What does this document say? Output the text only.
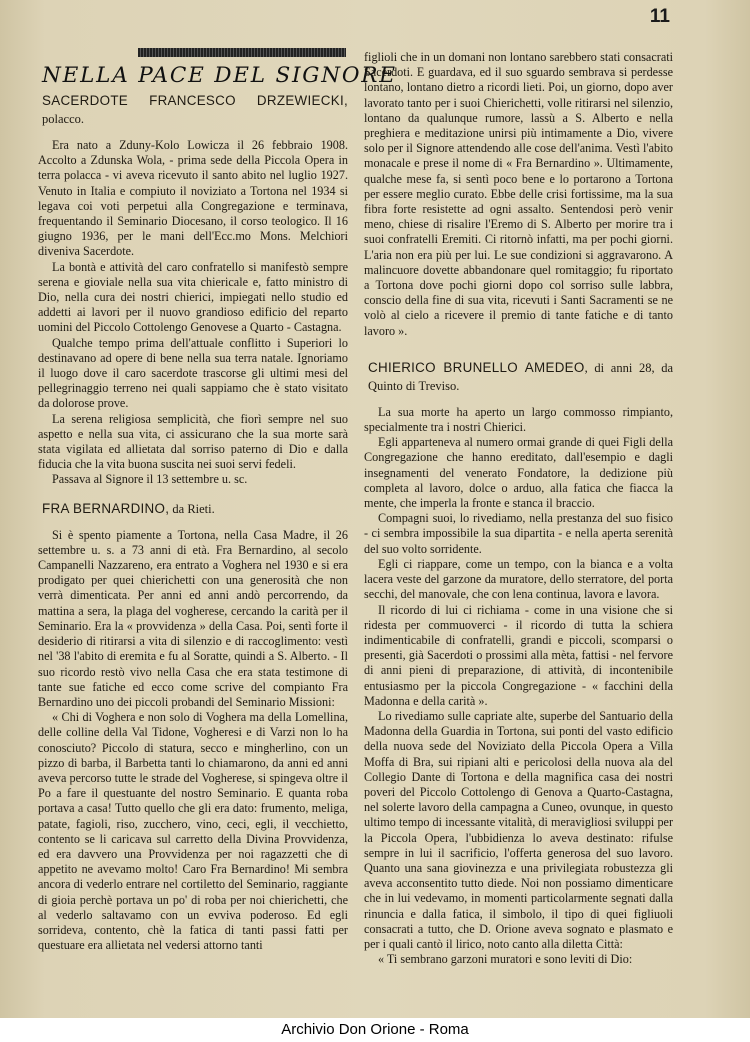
11
NELLA PACE DEL SIGNORE
SACERDOTE FRANCESCO DRZEWIECKI, polacco.

Era nato a Zduny-Kolo Lowicza il 26 febbraio 1908. Accolto a Zdunska Wola, - prima sede della Piccola Opera in terra polacca - vi aveva ricevuto il santo abito nel luglio 1927. Venuto in Italia e compiuto il noviziato a Tortona nel 1934 si legava coi voti perpetui alla Congregazione e terminava, frequentando il Seminario Diocesano, il corso teologico. Il 16 giugno 1936, per le mani dell'Ecc.mo Mons. Melchiori diveniva Sacerdote.

La bontà e attività del caro confratello si manifestò sempre serena e gioviale nella sua vita chiericale e, fatto ministro di Dio, nella cura dei nostri chierici, impiegati nello studio ed addetti ai lavori per il nuovo grandioso edificio del reparto uomini del Piccolo Cottolengo Genovese a Quarto - Castagna.

Qualche tempo prima dell'attuale conflitto i Superiori lo destinavano ad opere di bene nella sua terra natale. Ignoriamo il luogo dove il caro sacerdote trascorse gli ultimi mesi del pellegrinaggio terreno nei quali sappiamo che è stato visitato da dolorose prove.

La serena religiosa semplicità, che fiorì sempre nel suo aspetto e nella sua vita, ci assicurano che la sua morte sarà stata vigilata ed allietata dal sorriso paterno di Dio e dalla fiducia che la vita buona suscita nei suoi servi fedeli.

Passava al Signore il 13 settembre u. sc.

FRA BERNARDINO, da Rieti.

Si è spento piamente a Tortona, nella Casa Madre, il 26 settembre u. s. a 73 anni di età. Fra Bernardino, al secolo Campanelli Nazzareno, era entrato a Voghera nel 1930 e si era prodigato per quei chierichetti con una generosità che non verrà dimenticata. Per anni ed anni andò percorrendo, da mattina a sera, la plaga del vogherese, cercando la carità per il Seminario. Era la « provvidenza » della Casa. Poi, sentì forte il desiderio di ritirarsi a vita di silenzio e di raccoglimento: vestì nel '38 l'abito di eremita e fu al Soratte, quindi a S. Alberto. - Il suo ricordo restò vivo nella Casa che era stata testimone di tante sue fatiche ed ecco come scrive del compianto Fra Bernardino uno dei piccoli probandi del Seminario Missioni:

« Chi di Voghera e non solo di Voghera ma della Lomellina, delle colline della Val Tidone, Vogheresi e di Varzi non lo ha conosciuto? Piccolo di statura, secco e mingherlino, con un pizzo di barba, il Barbetta tanti lo chiamarono, da anni ed anni aveva percorso tutte le strade del Vogherese, si spingeva oltre il Po a fare il questuante del nostro Seminario. E quanta roba portava a casa! Tutto quello che gli era dato: frumento, meliga, patate, fagioli, riso, zucchero, vino, ceci, egli, il vecchietto, contento se li caricava sul carretto della Divina Provvidenza, ed era davvero una Provvidenza per noi ragazzetti che di appetito ne avevamo molto! Caro Fra Bernardino! Mi sembra ancora di vederlo entrare nel cortiletto del Seminario, raggiante di gioia perchè portava un po' di roba per noi chierichetti, che al vederlo saltavamo con un evviva poderoso. Ed egli sorrideva, contento, chè la fatica di tanti passi fatti per questuare era allietata nel vedersi attorno tanti

figlioli che in un domani non lontano sarebbero stati consacrati Sacerdoti. E guardava, ed il suo sguardo sembrava si perdesse lontano, lontano dietro a ricordi lieti. Poi, un giorno, dopo aver lavorato tanto per i suoi Chierichetti, volle ritirarsi nel silenzio, lontano da qualunque rumore, lassù a S. Alberto e nella preghiera e meditazione unirsi più intimamente a Dio, vivere solo per il Signore attendendo alle cose dell'anima. Vestì l'abito monacale e prese il nome di « Fra Bernardino ». Ultimamente, qualche mese fa, si sentì poco bene e lo portarono a Tortona per essere meglio curato. Ebbe delle crisi fortissime, ma la sua fibra forte resistette ad ogni assalto. Sentendosi però venir meno, chiese di risalire l'Eremo di S. Alberto per morire tra i suoi confratelli Eremiti. Ci ritornò infatti, ma per pochi giorni. L'aria non era più per lui. Le sue condizioni si aggravarono. A malincuore dovette abbandonare quel romitaggio; fu riportato a Tortona dove pochi giorni dopo col sorriso sulle labbra, conscio della fine di sua vita, ricevuti i Santi Sacramenti se ne volò al cielo a ricevere il premio di tante fatiche e di tanto lavoro ».

CHIERICO BRUNELLO AMEDEO, di anni 28, da Quinto di Treviso.

La sua morte ha aperto un largo commosso rimpianto, specialmente tra i nostri Chierici.

Egli apparteneva al numero ormai grande di quei Figli della Congregazione che hanno ereditato, dall'esempio e dagli insegnamenti del venerato Fondatore, la dedizione più completa al lavoro, dolce o arduo, alla fatica che fiacca la mente, che imperla la fronte e stanca il braccio.

Compagni suoi, lo rivediamo, nella prestanza del suo fisico - ci sembra impossibile la sua dipartita - e nella aperta serenità del suo volto sorridente.

Egli ci riappare, come un tempo, con la bianca e a volta lacera veste del garzone da muratore, dello sterratore, del porta secchi, del manovale, che con lena continua, lavora e lavora.

Il ricordo di lui ci richiama - come in una visione che si ridesta per commuoverci - il ricordo di tutta la schiera indimenticabile di confratelli, grandi e piccoli, scomparsi o presenti, già Sacerdoti o prossimi alla mèta, fattisi - nel fervore di anni pieni di preparazione, di attività, di incontenibile entusiasmo per la piccola Congregazione - « facchini della Madonna e della carità ».

Lo rivediamo sulle capriate alte, superbe del Santuario della Madonna della Guardia in Tortona, sui ponti del vasto edificio della nuova sede del Noviziato della Piccola Opera a Villa Moffa di Bra, sui ripiani alti e pericolosi della nuova ala del Collegio Dante di Tortona e della magnifica casa dei nostri poveri del Piccolo Cottolengo di Genova a Quarto-Castagna, nel solerte lavoro della campagna a Cuneo, ovunque, in questo ultimo tempo di incessante vitalità, di meravigliosi sviluppi per la Piccola Opera, l'ubbidienza lo aveva destinato: rifulse sempre in lui il sacrificio, l'offerta generosa del suo lavoro. Quanto una sana giovinezza e una privilegiata robustezza gli aveva acconsentito tutto diede. Noi non possiamo dimenticare che in lui vedevamo, in momenti particolarmente segnati dalla rinuncia e dalla fatica, il simbolo, il tipo di quei figliuoli consacrati a tutto, che D. Orione aveva sognato e plasmato e per i quali cantò il lirico, noto canto alla diletta Città:

« Ti sembrano garzoni muratori e sono leviti di Dio:

Archivio Don Orione - Roma
